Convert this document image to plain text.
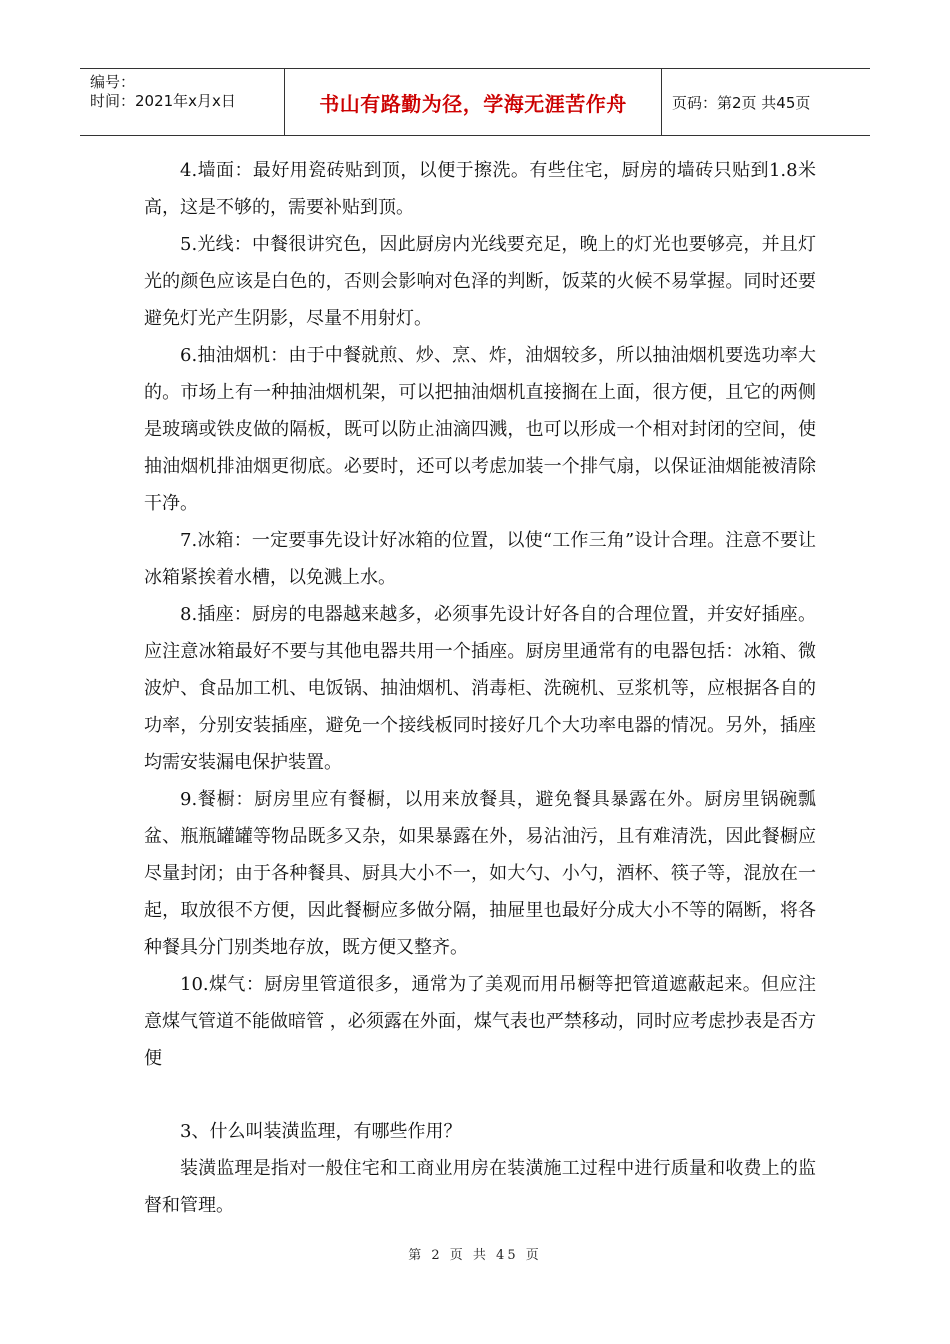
编号：
时间：2021年x月x日	书山有路勤为径，学海无涯苦作舟	页码：第2页 共45页

4.墙面：最好用瓷砖贴到顶，以便于擦洗。有些住宅，厨房的墙砖只贴到1.8米高，这是不够的，需要补贴到顶。

5.光线：中餐很讲究色，因此厨房内光线要充足，晚上的灯光也要够亮，并且灯光的颜色应该是白色的，否则会影响对色泽的判断，饭菜的火候不易掌握。同时还要避免灯光产生阴影，尽量不用射灯。

6.抽油烟机：由于中餐就煎、炒、烹、炸，油烟较多，所以抽油烟机要选功率大的。市场上有一种抽油烟机架，可以把抽油烟机直接搁在上面，很方便，且它的两侧是玻璃或铁皮做的隔板，既可以防止油滴四溅，也可以形成一个相对封闭的空间，使抽油烟机排油烟更彻底。必要时，还可以考虑加装一个排气扇，以保证油烟能被清除干净。

7.冰箱：一定要事先设计好冰箱的位置，以使“工作三角”设计合理。注意不要让冰箱紧挨着水槽，以免溅上水。

8.插座：厨房的电器越来越多，必须事先设计好各自的合理位置，并安好插座。应注意冰箱最好不要与其他电器共用一个插座。厨房里通常有的电器包括：冰箱、微波炉、食品加工机、电饭锅、抽油烟机、消毒柜、洗碗机、豆浆机等，应根据各自的功率，分别安装插座，避免一个接线板同时接好几个大功率电器的情况。另外，插座均需安装漏电保护装置。

9.餐橱：厨房里应有餐橱，以用来放餐具，避免餐具暴露在外。厨房里锅碗瓢盆、瓶瓶罐罐等物品既多又杂，如果暴露在外，易沾油污，且有难清洗，因此餐橱应尽量封闭；由于各种餐具、厨具大小不一，如大勺、小勺，酒杯、筷子等，混放在一起，取放很不方便，因此餐橱应多做分隔，抽屉里也最好分成大小不等的隔断，将各种餐具分门别类地存放，既方便又整齐。

10.煤气：厨房里管道很多，通常为了美观而用吊橱等把管道遮蔽起来。但应注意煤气管道不能做暗管 ，必须露在外面，煤气表也严禁移动，同时应考虑抄表是否方便

3、什么叫装潢监理，有哪些作用？

装潢监理是指对一般住宅和工商业用房在装潢施工过程中进行质量和收费上的监督和管理。

第 2 页 共 45 页
